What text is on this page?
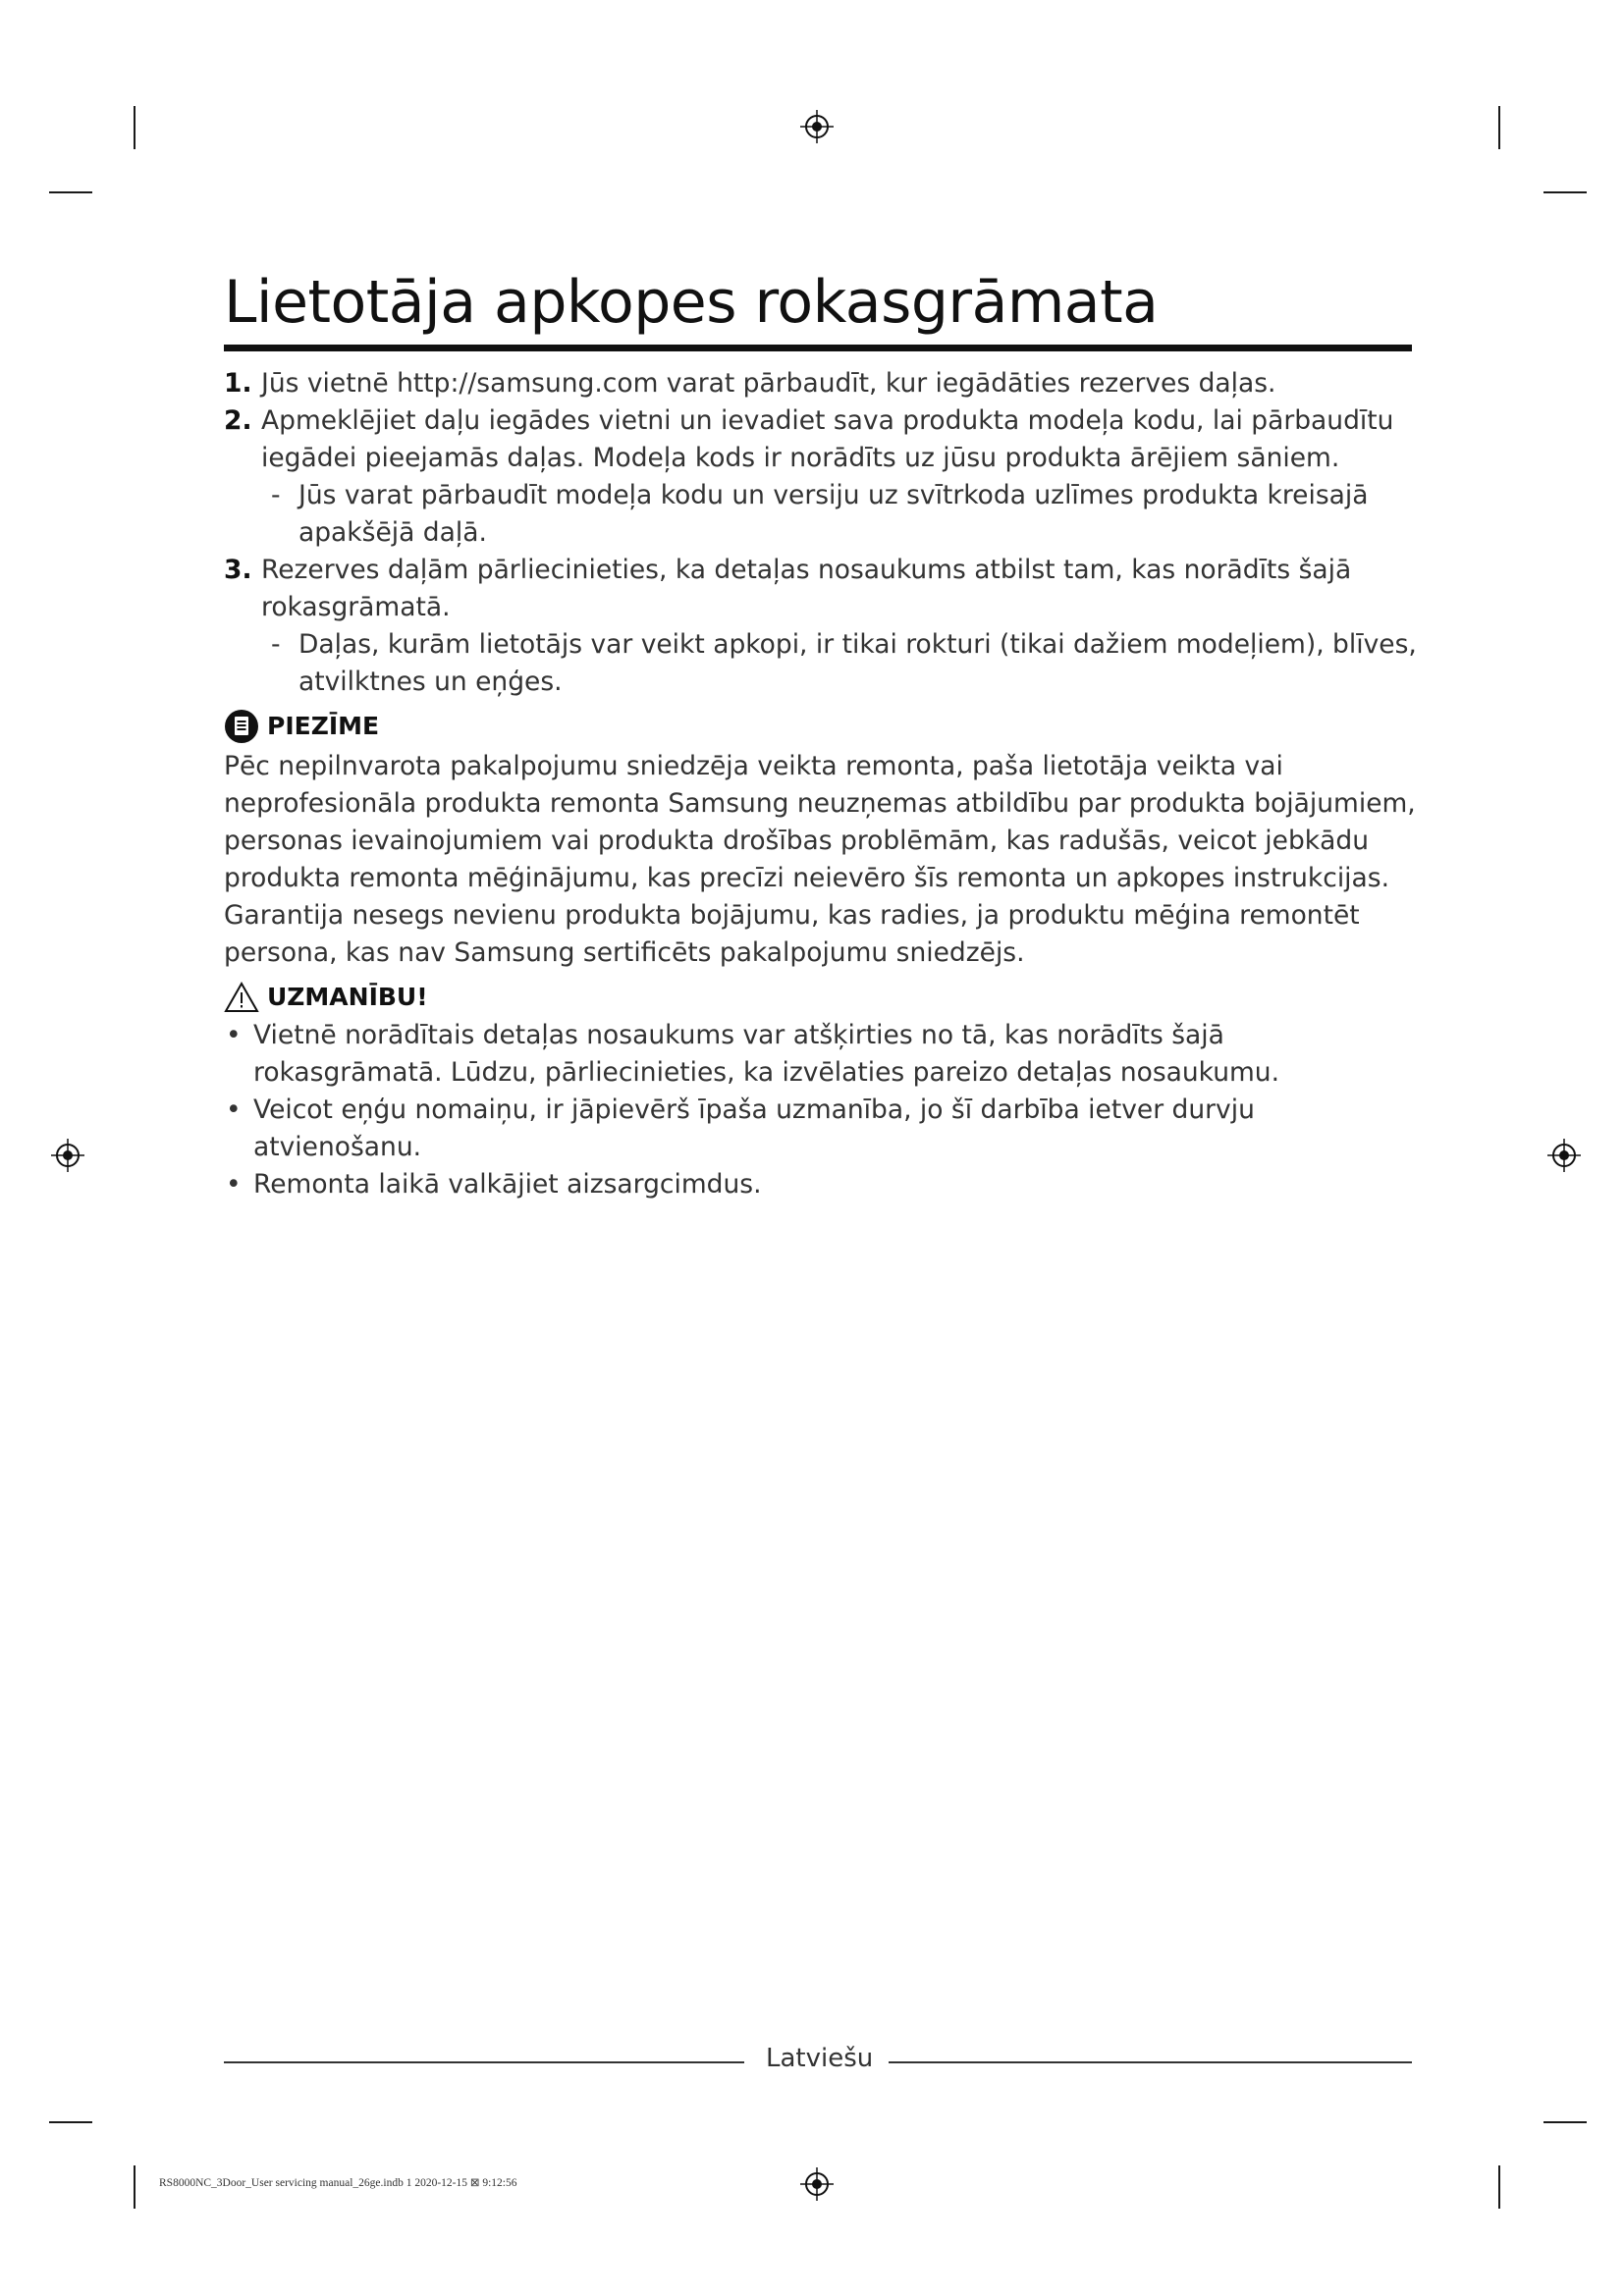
Lietotāja apkopes rokasgrāmata
1. Jūs vietnē http://samsung.com varat pārbaudīt, kur iegādāties rezerves daļas.
2. Apmeklējiet daļu iegādes vietni un ievadiet sava produkta modeļa kodu, lai pārbaudītu iegādei pieejamās daļas. Modeļa kods ir norādīts uz jūsu produkta ārējiem sāniem.
- Jūs varat pārbaudīt modeļa kodu un versiju uz svītrkoda uzlīmes produkta kreisajā apakšējā daļā.
3. Rezerves daļām pārliecinieties, ka detaļas nosaukums atbilst tam, kas norādīts šajā rokasgrāmatā.
- Daļas, kurām lietotājs var veikt apkopi, ir tikai rokturi (tikai dažiem modeļiem), blīves, atvilktnes un eņģes.
PIEZĪME
Pēc nepilnvarota pakalpojumu sniedzēja veikta remonta, paša lietotāja veikta vai neprofesionāla produkta remonta Samsung neuzņemas atbildību par produkta bojājumiem, personas ievainojumiem vai produkta drošības problēmām, kas radušās, veicot jebkādu produkta remonta mēģinājumu, kas precīzi neievēro šīs remonta un apkopes instrukcijas. Garantija nesegs nevienu produkta bojājumu, kas radies, ja produktu mēģina remontēt persona, kas nav Samsung sertificēts pakalpojumu sniedzējs.
UZMANĪBU!
• Vietnē norādītais detaļas nosaukums var atšķirties no tā, kas norādīts šajā rokasgrāmatā. Lūdzu, pārliecinieties, ka izvēlaties pareizo detaļas nosaukumu.
• Veicot eņģu nomaiņu, ir jāpievērš īpaša uzmanība, jo šī darbība ietver durvju atvienošanu.
• Remonta laikā valkājiet aizsargcimdus.
Latviešu
RS8000NC_3Door_User servicing manual_26ge.indb 1 2020-12-15 ⊠ 9:12:56
